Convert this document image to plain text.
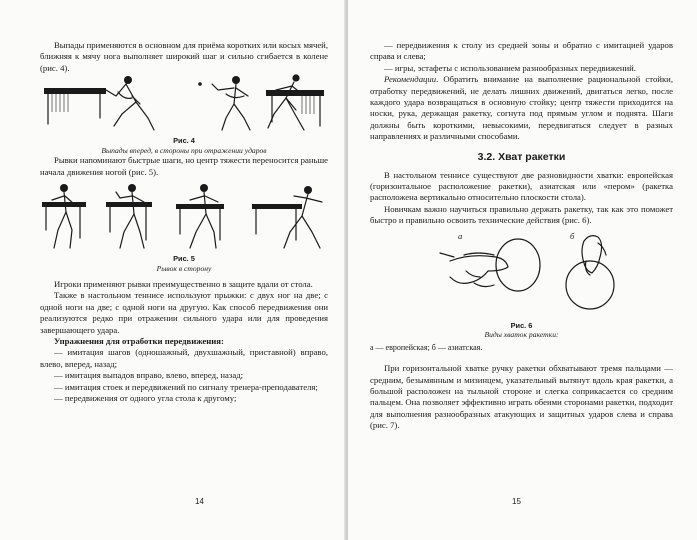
Выпады применяются в основном для приёма коротких или косых мячей, ближняя к мячу нога выполняет широкий шаг и сильно сгибается в колене (рис. 4).

Рис. 4
Выпады вперед, в стороны при отражении ударов

Рывки напоминают быстрые шаги, но центр тяжести переносится раньше начала движения ногой (рис. 5).

Рис. 5
Рывок в сторону

Игроки применяют рывки преимущественно в защите вдали от стола.

Также в настольном теннисе используют прыжки: с двух ног на две; с одной ноги на две; с одной ноги на другую. Как способ передвижения они реализуются редко при отражении сильного удара или для проведения завершающего удара.

Упражнения для отработки передвижения:

— имитация шагов (одношажный, двухшажный, приставной) вправо, влево, вперед, назад;

— имитация выпадов вправо, влево, вперед, назад;

— имитация стоек и передвижений по сигналу тренера-преподавателя;

— передвижения от одного угла стола к другому;

14

— передвижения к столу из средней зоны и обратно с имитацией ударов справа и слева;

— игры, эстафеты с использованием разнообразных передвижений.

Рекомендации. Обратить внимание на выполнение рациональной стойки, отработку передвижений, не делать лишних движений, двигаться легко, после каждого удара возвращаться в основную стойку; центр тяжести приходится на носки, рука, держащая ракетку, согнута под прямым углом и поднята. Шаги должны быть короткими, невысокими, передвигаться следует в разных направлениях и различными способами.

3.2. Хват ракетки

В настольном теннисе существуют две разновидности хватки: европейская (горизонтальное расположение ракетки), азиатская или «пером» (ракетка расположена вертикально относительно плоскости стола).

Новичкам важно научиться правильно держать ракетку, так как это поможет быстро и правильно освоить технические действия (рис. 6).

а	б
Рис. 6
Виды хваток ракетки:

а — европейская; б — азиатская.

При горизонтальной хватке ручку ракетки обхватывают тремя пальцами — средним, безымянным и мизинцем, указательный вытянут вдоль края ракетки, а большой расположен на тыльной стороне и слегка соприкасается со средним пальцем. Она позволяет эффективно играть обеими сторонами ракетки, подходит для выполнения разнообразных атакующих и защитных ударов слева и справа (рис. 7).

15
